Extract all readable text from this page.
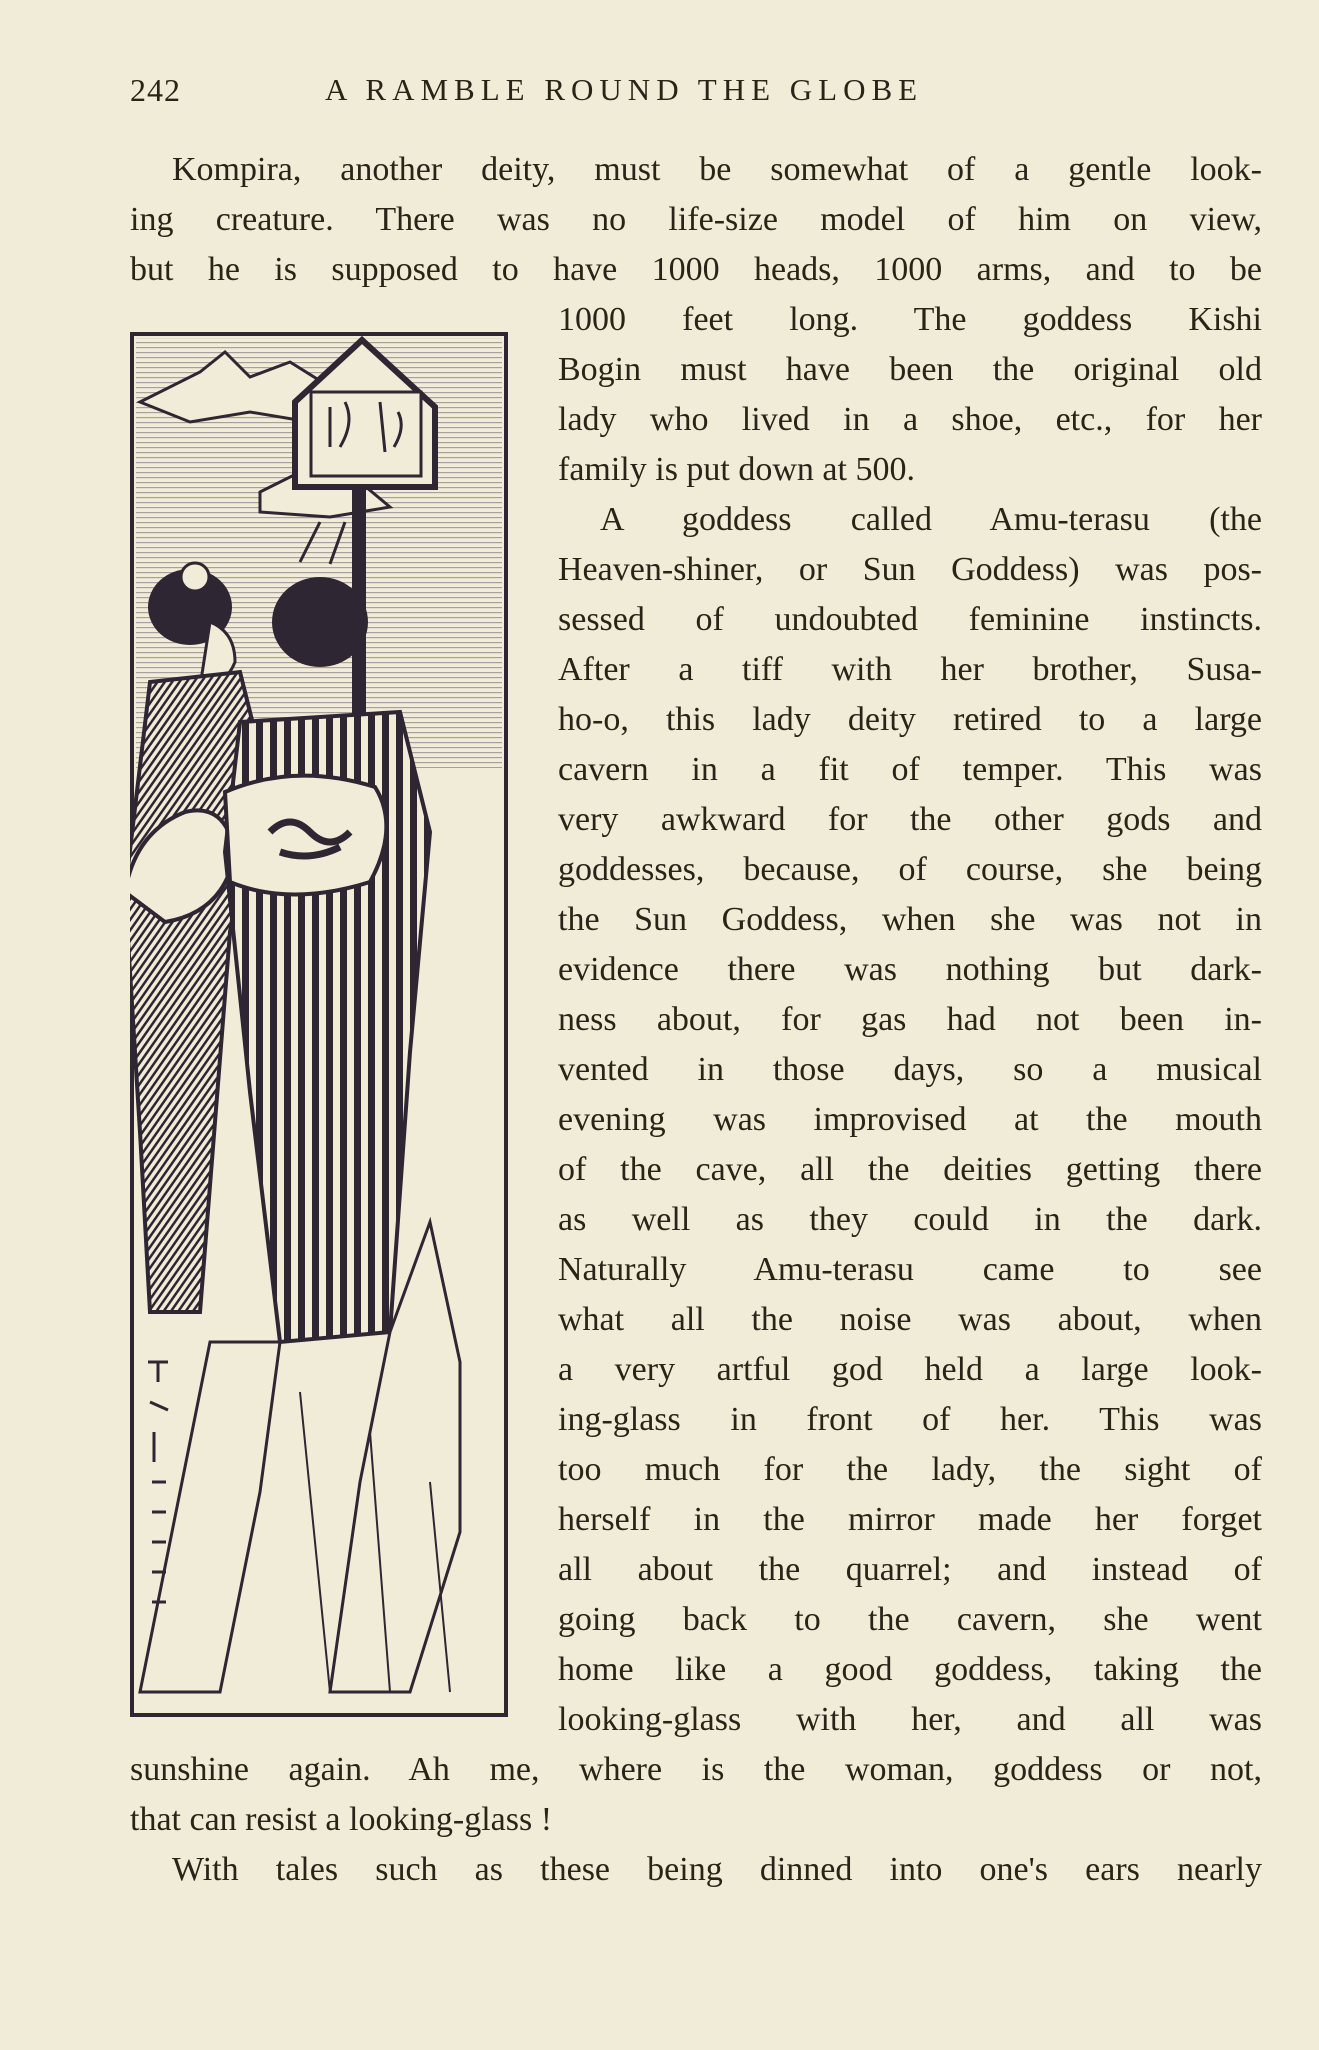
242	A RAMBLE ROUND THE GLOBE
Kompira, another deity, must be somewhat of a gentle look-
ing creature. There was no life-size model of him on view,
but he is supposed to have 1000 heads, 1000 arms, and to be
1000 feet long. The goddess Kishi
Bogin must have been the original old
lady who lived in a shoe, etc., for her
family is put down at 500.
A goddess called Amu-terasu (the
Heaven-shiner, or Sun Goddess) was pos-
sessed of undoubted feminine instincts.
After a tiff with her brother, Susa-
ho-o, this lady deity retired to a large
cavern in a fit of temper. This was
very awkward for the other gods and
goddesses, because, of course, she being
the Sun Goddess, when she was not in
evidence there was nothing but dark-
ness about, for gas had not been in-
vented in those days, so a musical
evening was improvised at the mouth
of the cave, all the deities getting there
as well as they could in the dark.
Naturally Amu-terasu came to see
what all the noise was about, when
a very artful god held a large look-
ing-glass in front of her. This was
too much for the lady, the sight of
herself in the mirror made her forget
all about the quarrel; and instead of
going back to the cavern, she went
home like a good goddess, taking the
looking-glass with her, and all was
sunshine again. Ah me, where is the woman, goddess or not,
that can resist a looking-glass !
With tales such as these being dinned into one's ears nearly
